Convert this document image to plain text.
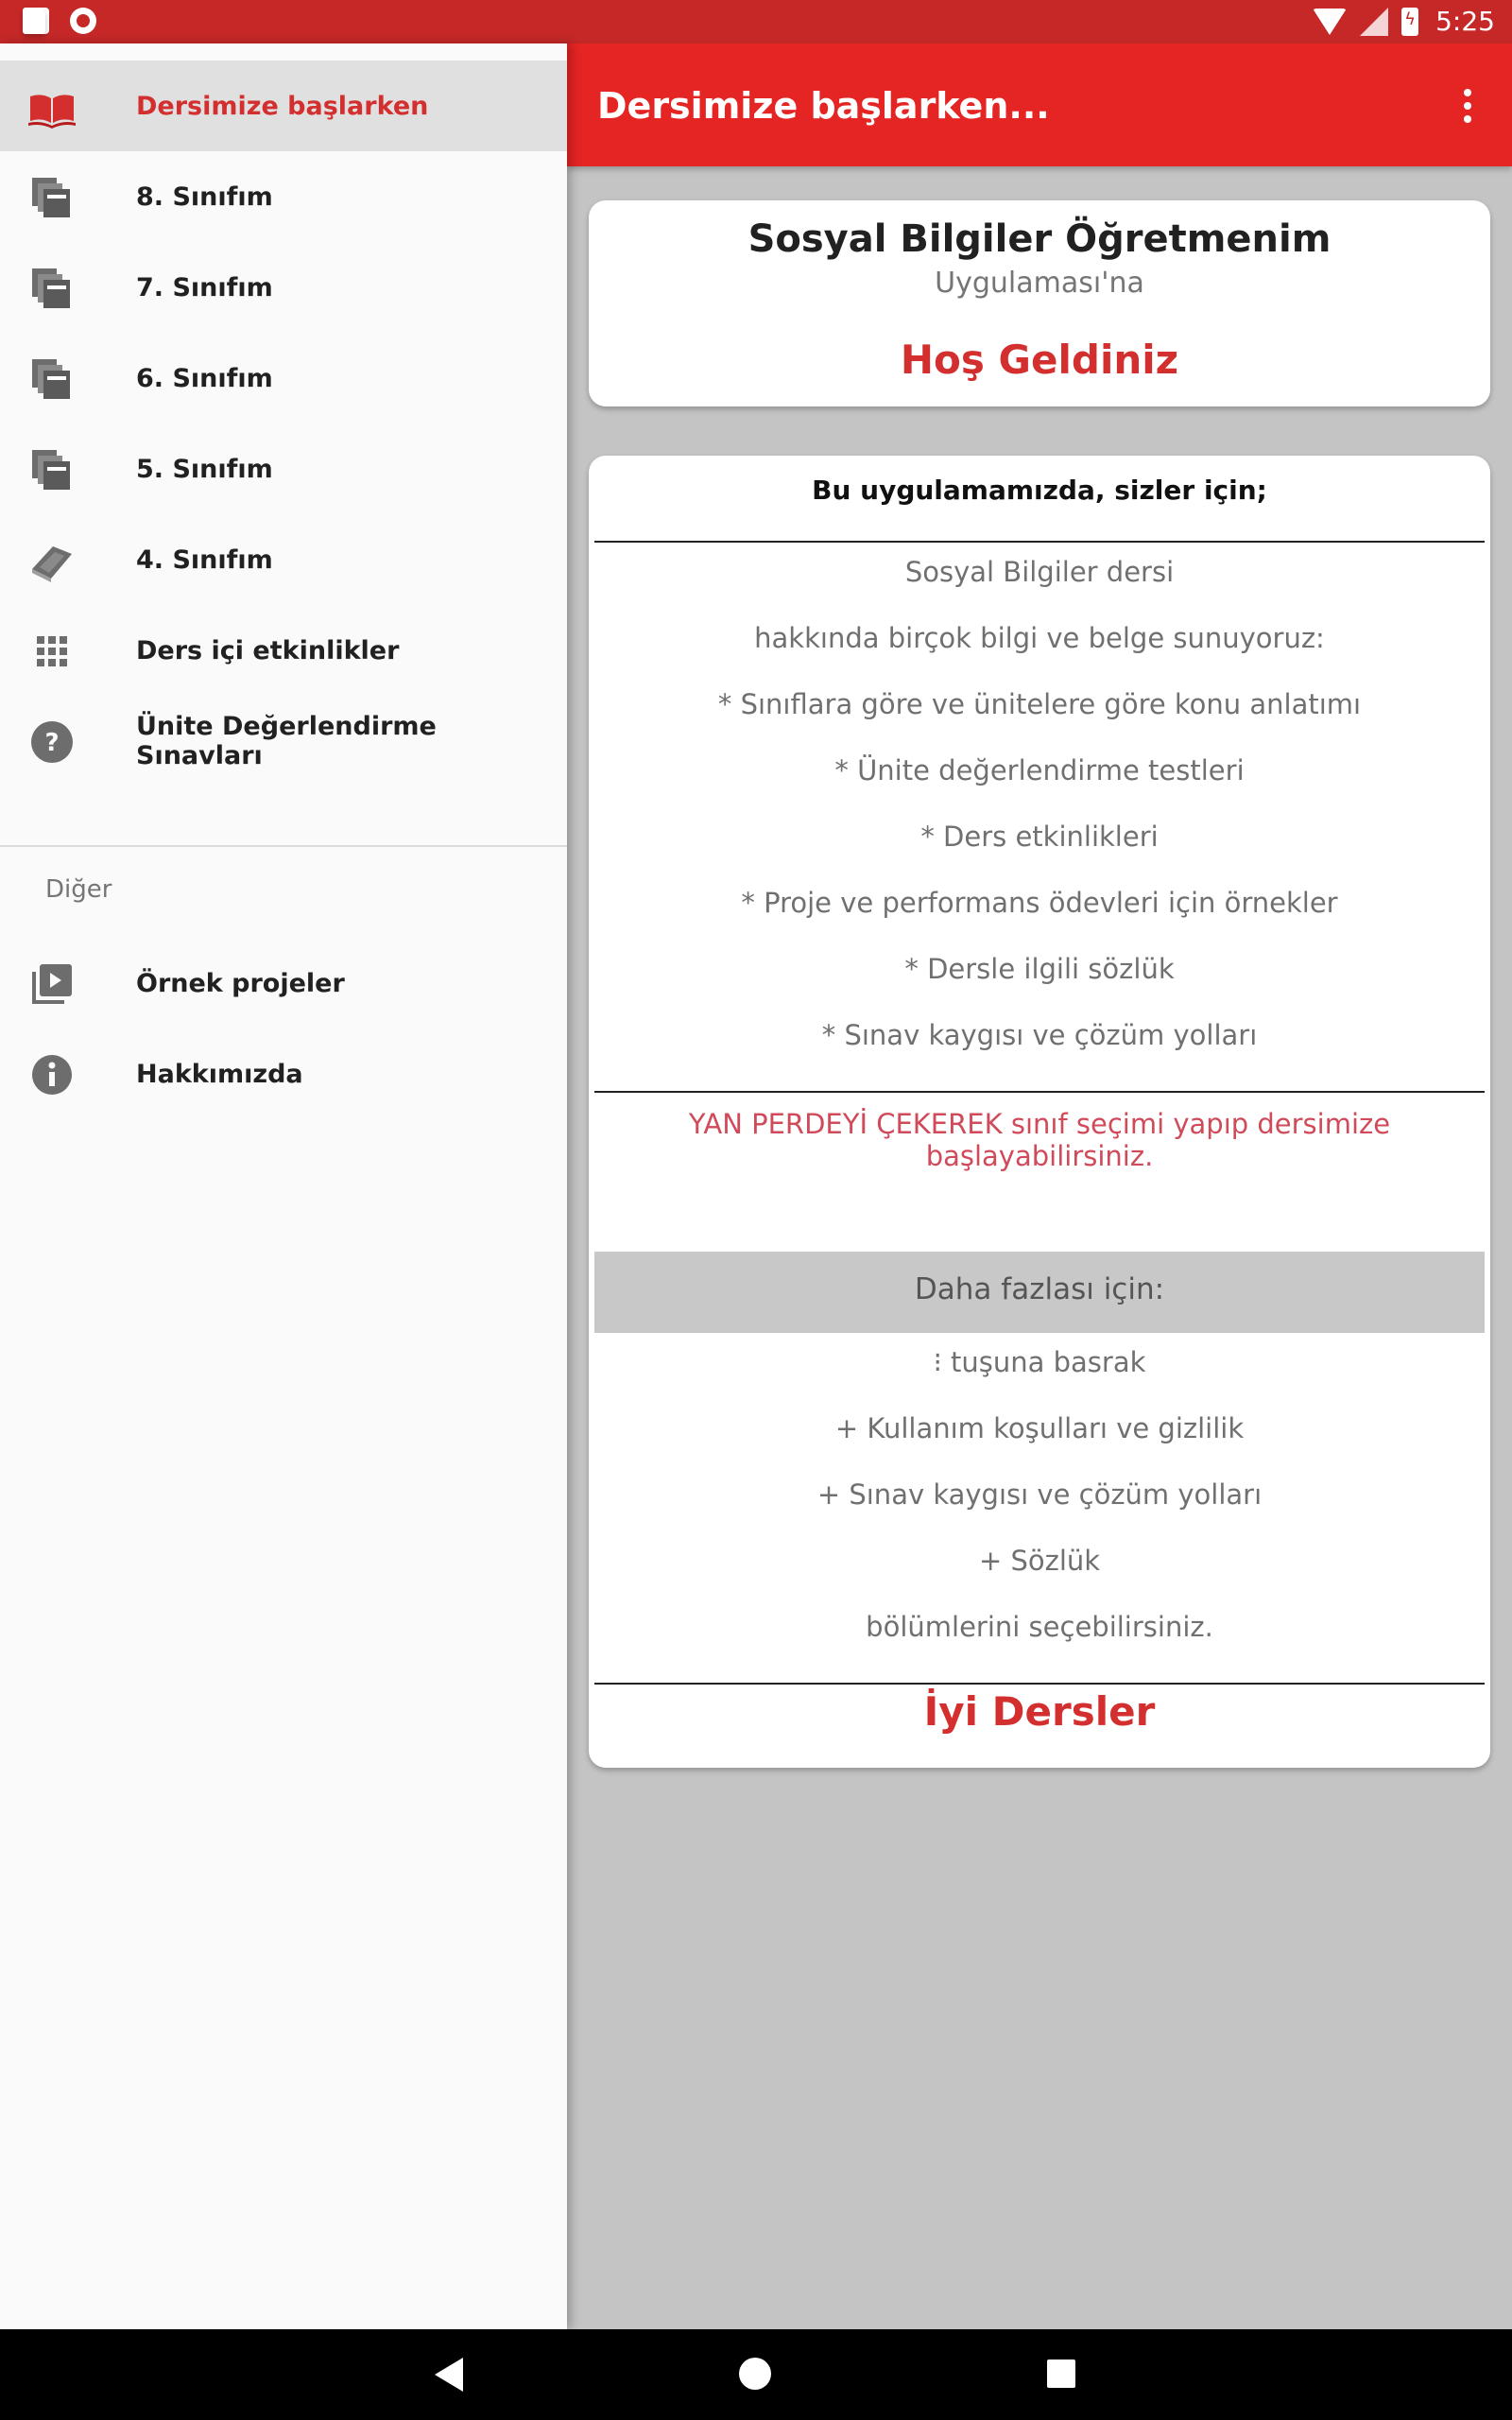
ϟ
5:25
Dersimize başlarken...
Sosyal Bilgiler Öğretmenim
Uygulaması'na
Hoş Geldiniz
Bu uygulamamızda, sizler için;
Sosyal Bilgiler dersi
hakkında birçok bilgi ve belge sunuyoruz:
* Sınıflara göre ve ünitelere göre konu anlatımı
* Ünite değerlendirme testleri
* Ders etkinlikleri
* Proje ve performans ödevleri için örnekler
* Dersle ilgili sözlük
* Sınav kaygısı ve çözüm yolları
YAN PERDEYİ ÇEKEREK sınıf seçimi yapıp dersimize başlayabilirsiniz.
Daha fazlası için:
⁝ tuşuna basrak
+ Kullanım koşulları ve gizlilik
+ Sınav kaygısı ve çözüm yolları
+ Sözlük
bölümlerini seçebilirsiniz.
İyi Dersler
Dersimize başlarken
8. Sınıfım
7. Sınıfım
6. Sınıfım
5. Sınıfım
4. Sınıfım
Ders içi etkinlikler
?
Ünite Değerlendirme Sınavları
Diğer
Örnek projeler
Hakkımızda
